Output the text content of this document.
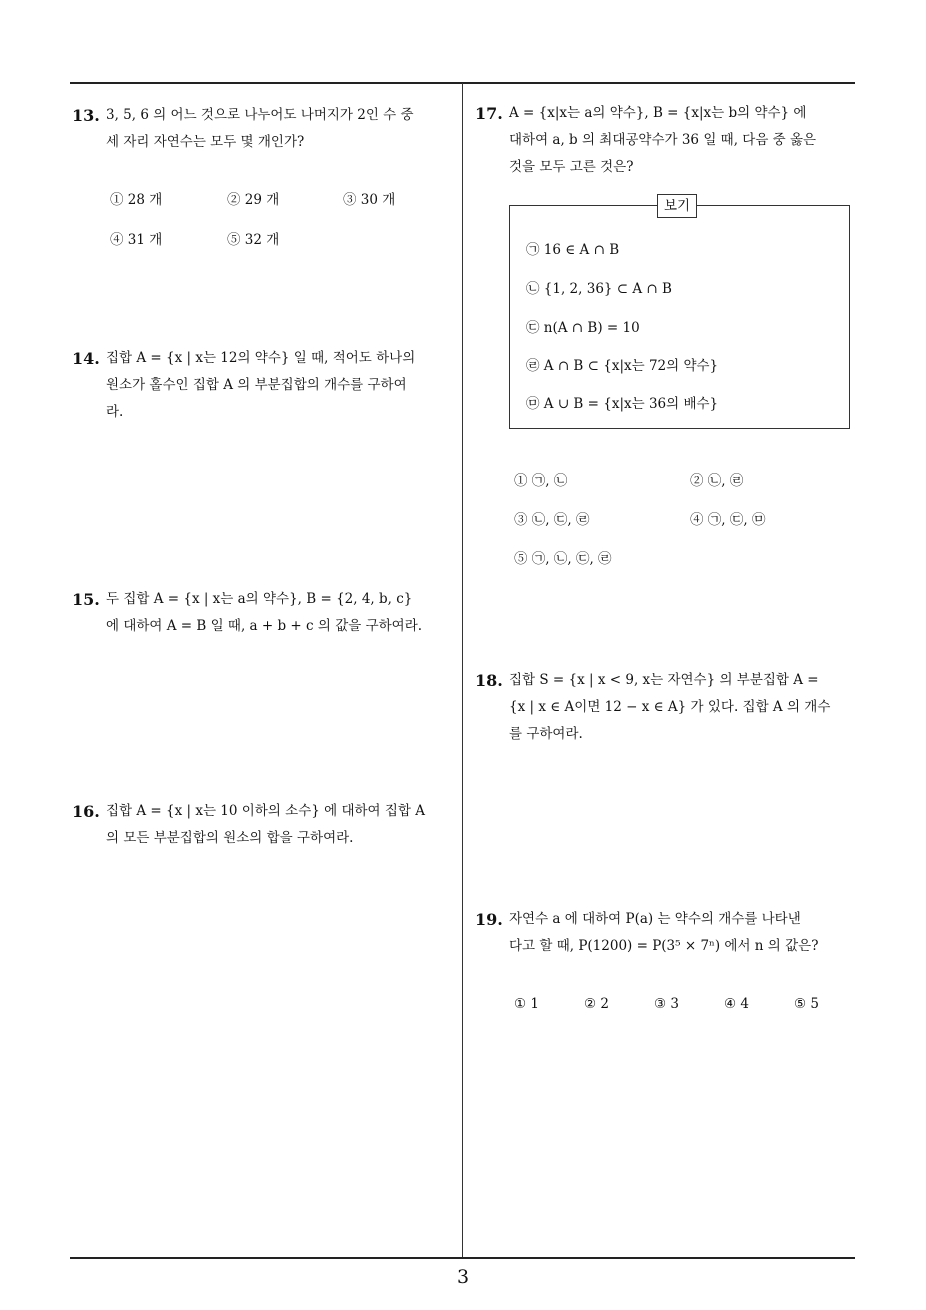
13. 3, 5, 6 의 어느 것으로 나누어도 나머지가 2인 수 중
세 자리 자연수는 모두 몇 개인가?
① 28 개	② 29 개	③ 30 개
④ 31 개	⑤ 32 개
14. 집합 A = {x | x는 12의 약수} 일 때, 적어도 하나의
원소가 홀수인 집합 A 의 부분집합의 개수를 구하여
라.
15. 두 집합 A = {x | x는 a의 약수}, B = {2, 4, b, c}
에 대하여 A = B 일 때, a + b + c 의 값을 구하여라.
16. 집합 A = {x | x는 10 이하의 소수} 에 대하여 집합 A
의 모든 부분집합의 원소의 합을 구하여라.
17. A = {x|x는 a의 약수}, B = {x|x는 b의 약수} 에
대하여 a, b 의 최대공약수가 36 일 때, 다음 중 옳은
것을 모두 고른 것은?
보기
㉠ 16 ∈ A ∩ B
㉡ {1, 2, 36} ⊂ A ∩ B
㉢ n(A ∩ B) = 10
㉣ A ∩ B ⊂ {x|x는 72의 약수}
㉤ A ∪ B = {x|x는 36의 배수}
① ㉠, ㉡	② ㉡, ㉣
③ ㉡, ㉢, ㉣	④ ㉠, ㉢, ㉤
⑤ ㉠, ㉡, ㉢, ㉣
18. 집합 S = {x | x < 9, x는 자연수} 의 부분집합 A =
{x | x ∈ A이면 12 − x ∈ A} 가 있다. 집합 A 의 개수
를 구하여라.
19. 자연수 a 에 대하여 P(a) 는 약수의 개수를 나타낸
다고 할 때, P(1200) = P(3⁵ × 7ⁿ) 에서 n 의 값은?
① 1	② 2	③ 3	④ 4	⑤ 5
3
